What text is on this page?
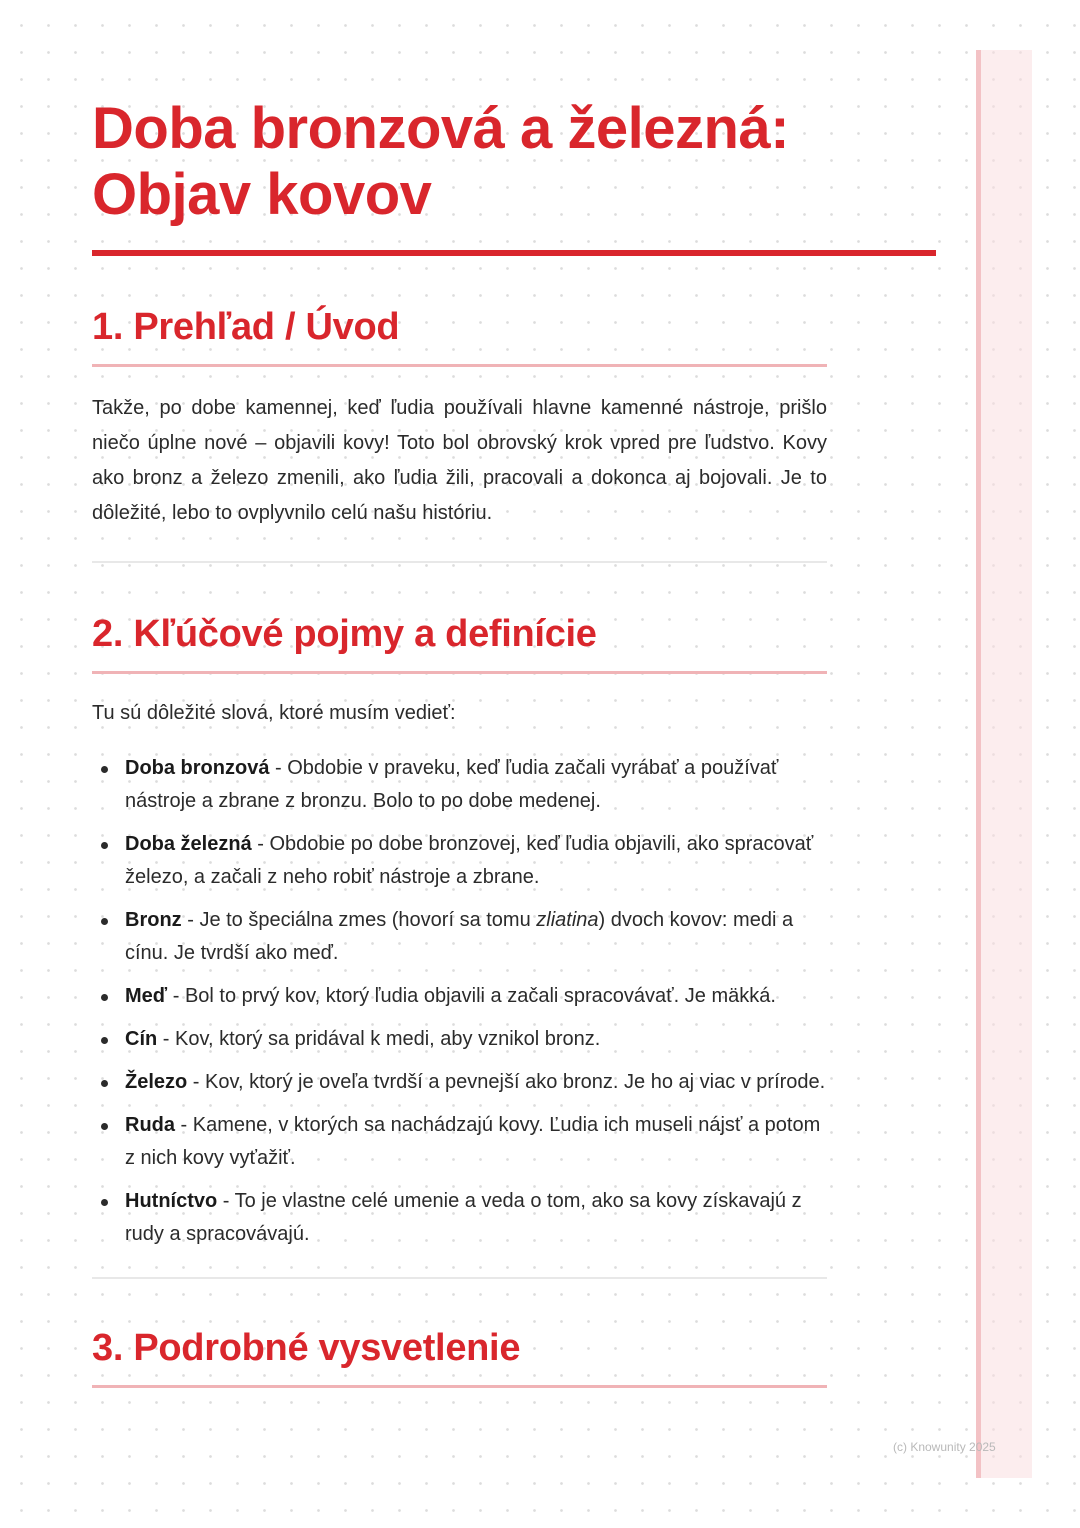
Doba bronzová a železná:
Objav kovov
1. Prehľad / Úvod

Takže, po dobe kamennej, keď ľudia používali hlavne kamenné nástroje, prišlo niečo úplne nové – objavili kovy! Toto bol obrovský krok vpred pre ľudstvo. Kovy ako bronz a železo zmenili, ako ľudia žili, pracovali a dokonca aj bojovali. Je to dôležité, lebo to ovplyvnilo celú našu históriu.

2. Kľúčové pojmy a definície

Tu sú dôležité slová, ktoré musím vedieť:

Doba bronzová - Obdobie v praveku, keď ľudia začali vyrábať a používať nástroje a zbrane z bronzu. Bolo to po dobe medenej.
Doba železná - Obdobie po dobe bronzovej, keď ľudia objavili, ako spracovať železo, a začali z neho robiť nástroje a zbrane.
Bronz - Je to špeciálna zmes (hovorí sa tomu zliatina) dvoch kovov: medi a cínu. Je tvrdší ako meď.
Meď - Bol to prvý kov, ktorý ľudia objavili a začali spracovávať. Je mäkká.
Cín - Kov, ktorý sa pridával k medi, aby vznikol bronz.
Železo - Kov, ktorý je oveľa tvrdší a pevnejší ako bronz. Je ho aj viac v prírode.
Ruda - Kamene, v ktorých sa nachádzajú kovy. Ľudia ich museli nájsť a potom z nich kovy vyťažiť.
Hutníctvo - To je vlastne celé umenie a veda o tom, ako sa kovy získavajú z rudy a spracovávajú.
3. Podrobné vysvetlenie
(c) Knowunity 2025
